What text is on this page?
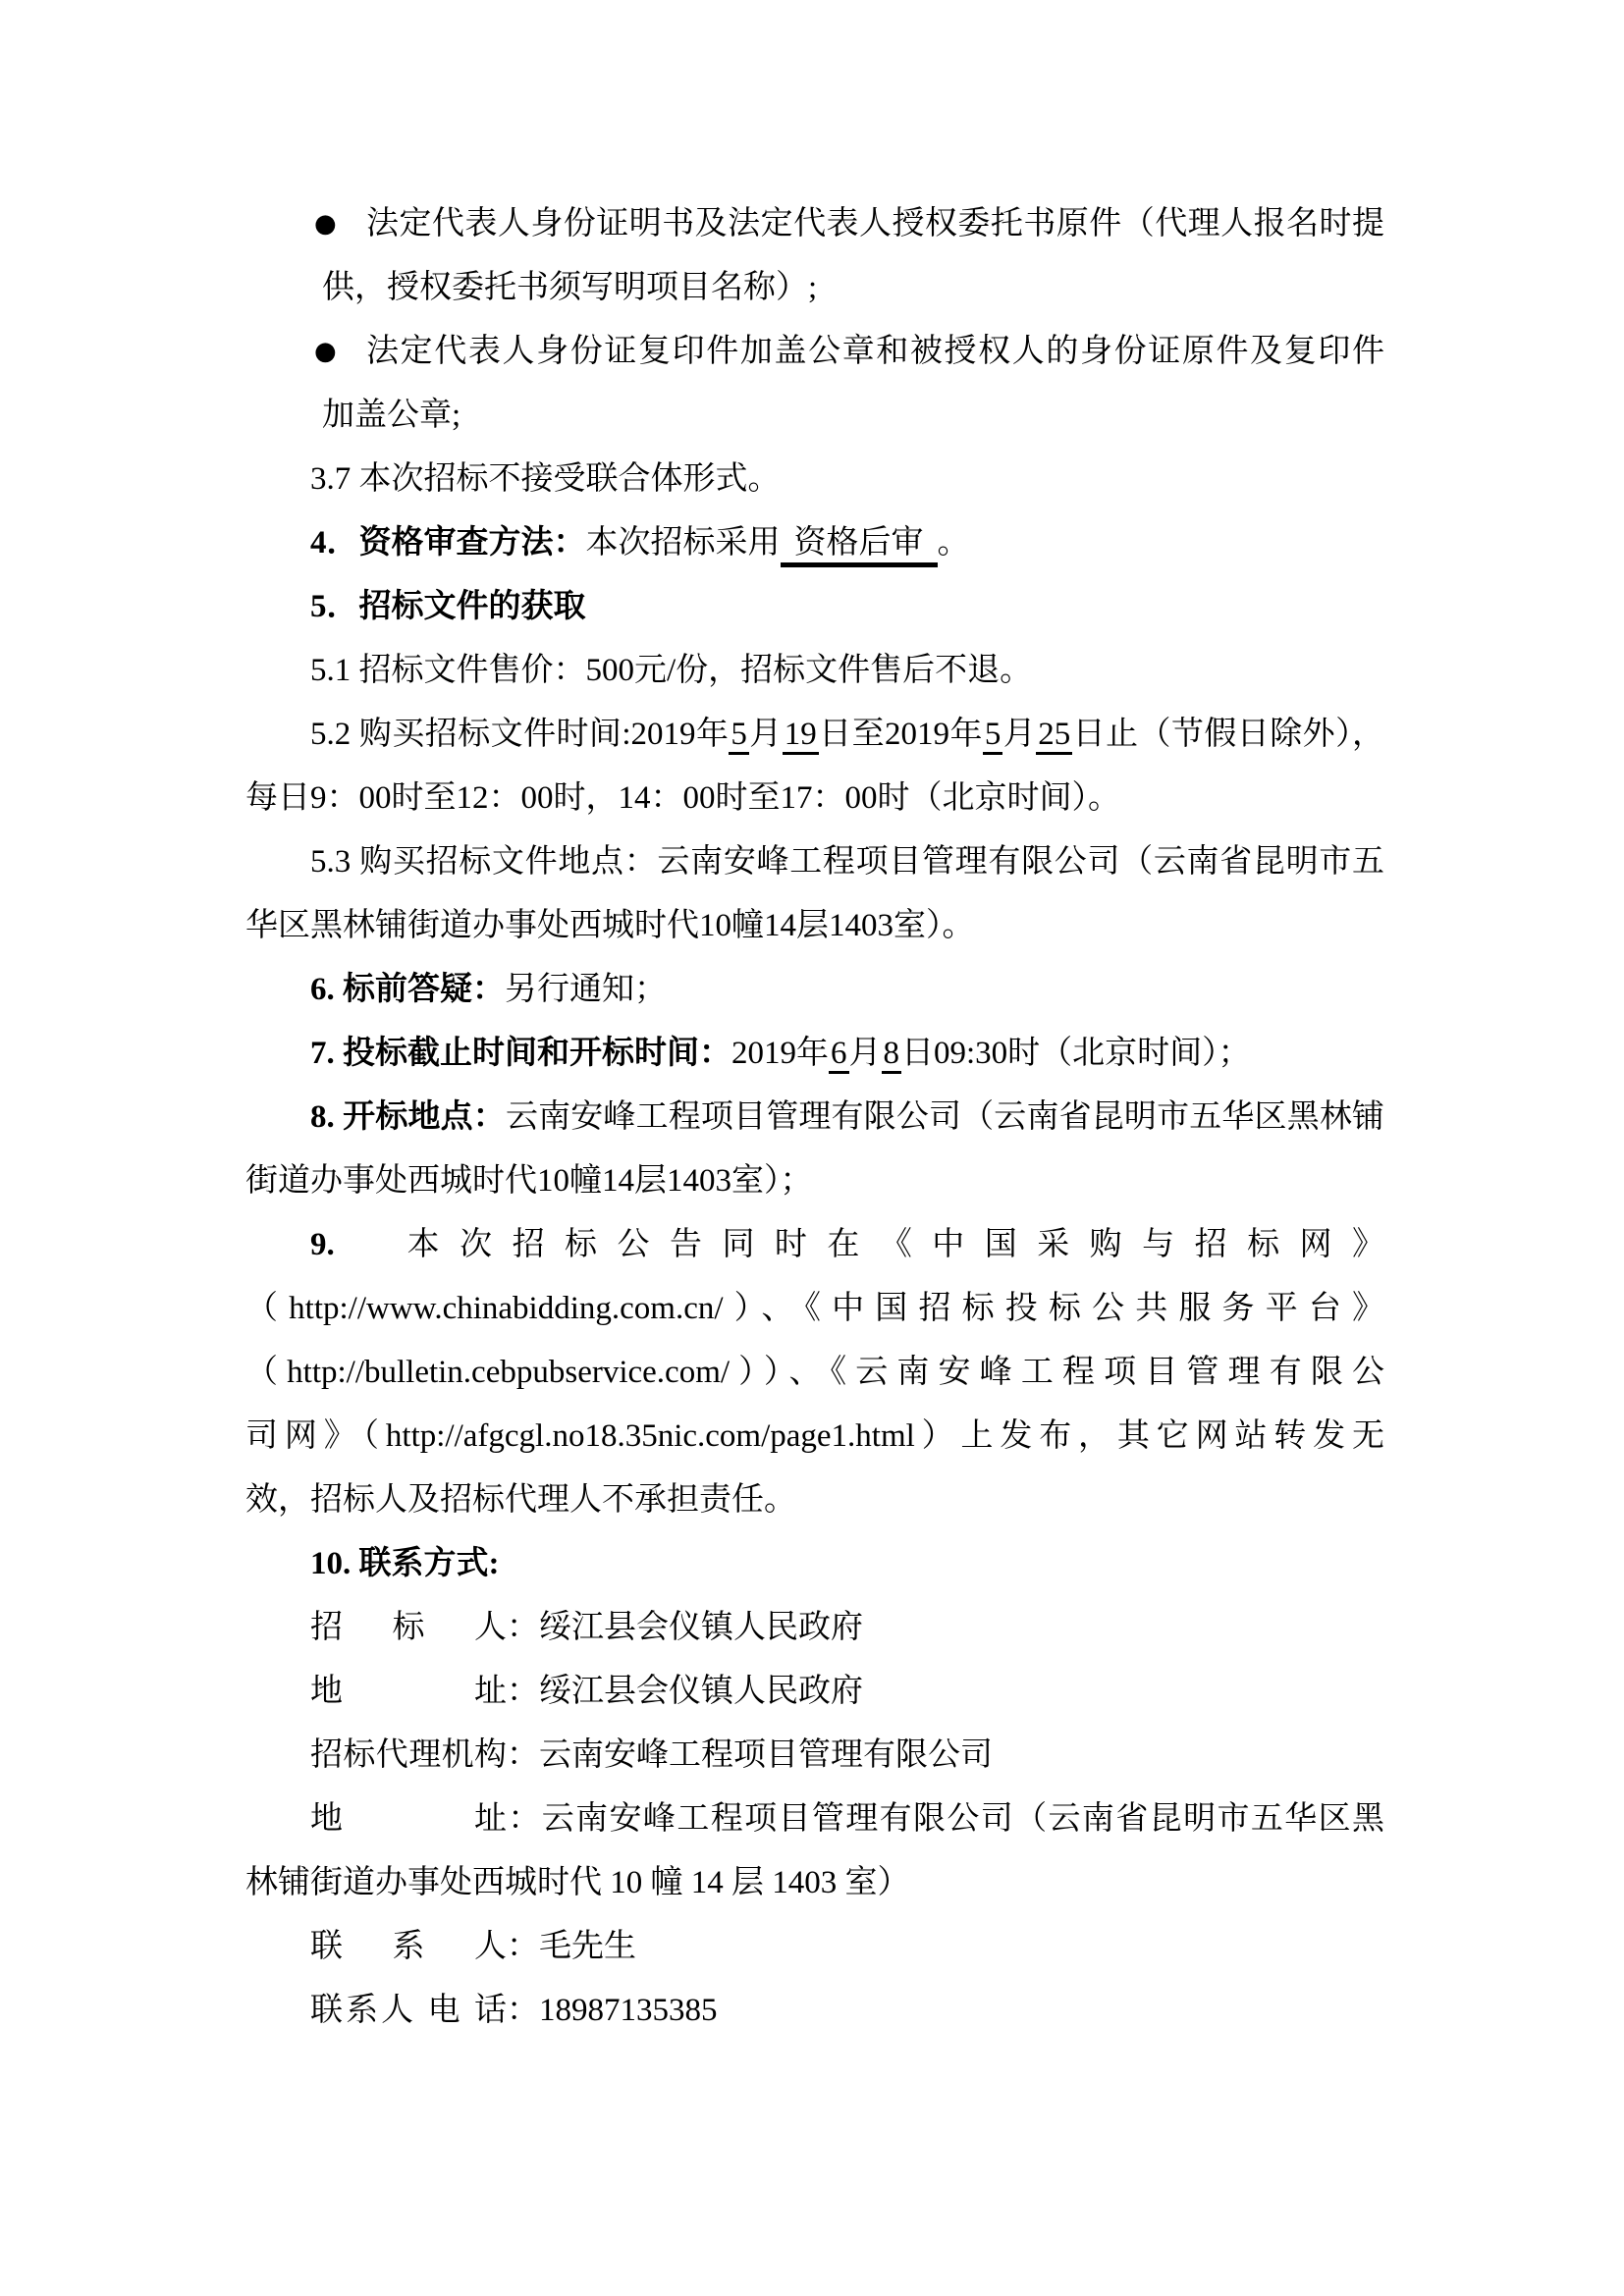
● 法定代表人身份证明书及法定代表人授权委托书原件（代理人报名时提
供，授权委托书须写明项目名称）;
● 法定代表人身份证复印件加盖公章和被授权人的身份证原件及复印件
加盖公章;
3.7 本次招标不接受联合体形式。
4．资格审查方法：本次招标采用 资格后审 。
5．招标文件的获取
5.1 招标文件售价：500元/份，招标文件售后不退。
5.2 购买招标文件时间:2019年5月19日至2019年5月25日止（节假日除外），
每日9：00时至12：00时，14：00时至17：00时（北京时间）。
5.3 购买招标文件地点：云南安峰工程项目管理有限公司（云南省昆明市五
华区黑林铺街道办事处西城时代10幢14层1403室）。
6. 标前答疑：另行通知；
7. 投标截止时间和开标时间：2019年6月8日09:30时（北京时间）；
8. 开标地点：云南安峰工程项目管理有限公司（云南省昆明市五华区黑林铺
街道办事处西城时代10幢14层1403室）；
9.　本次招标公告同时在《中国采购与招标网》
（http://www.chinabidding.com.cn/）、《中国招标投标公共服务平台》
（http://bulletin.cebpubservice.com/））、《云南安峰工程项目管理有限公
司网》（http://afgcgl.no18.35nic.com/page1.html）上发布，其它网站转发无
效，招标人及招标代理人不承担责任。
10. 联系方式:
招标人：绥江县会仪镇人民政府
地址：绥江县会仪镇人民政府
招标代理机构：云南安峰工程项目管理有限公司
地址：云南安峰工程项目管理有限公司（云南省昆明市五华区黑
林铺街道办事处西城时代 10 幢 14 层 1403 室）
联系人：毛先生
联系人 电 话：18987135385
